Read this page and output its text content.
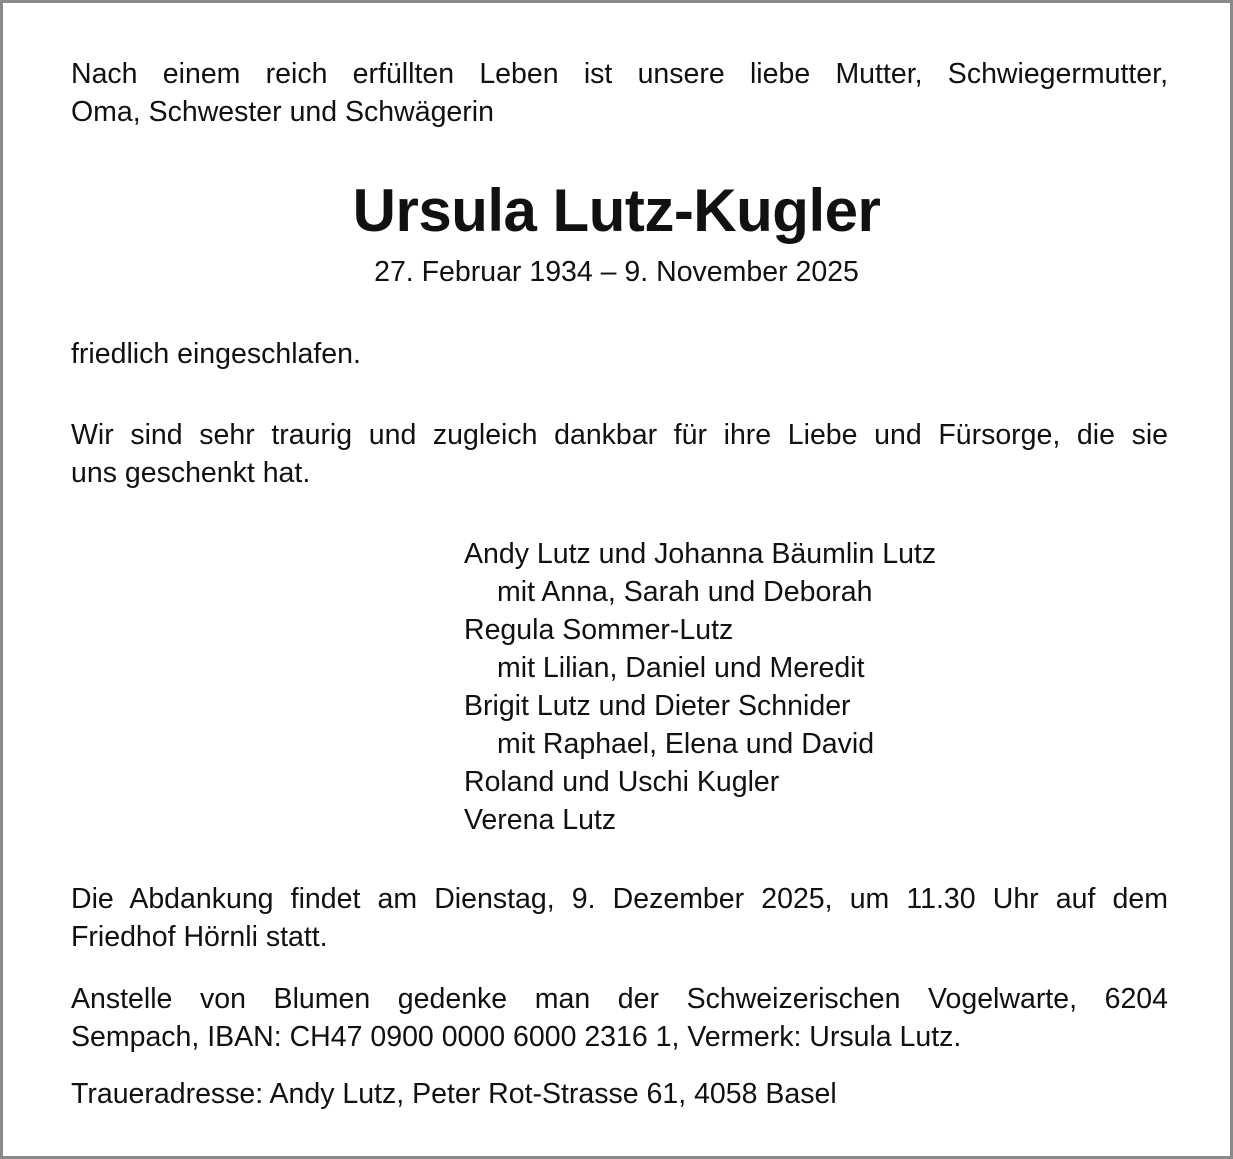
Nach einem reich erfüllten Leben ist unsere liebe Mutter, Schwiegermutter,
Oma, Schwester und Schwägerin

Ursula Lutz-Kugler

27. Februar 1934 – 9. November 2025

friedlich eingeschlafen.

Wir sind sehr traurig und zugleich dankbar für ihre Liebe und Fürsorge, die sie
uns geschenkt hat.

Andy Lutz und Johanna Bäumlin Lutz
mit Anna, Sarah und Deborah
Regula Sommer-Lutz
mit Lilian, Daniel und Meredit
Brigit Lutz und Dieter Schnider
mit Raphael, Elena und David
Roland und Uschi Kugler
Verena Lutz

Die Abdankung findet am Dienstag, 9. Dezember 2025, um 11.30 Uhr auf dem
Friedhof Hörnli statt.

Anstelle von Blumen gedenke man der Schweizerischen Vogelwarte, 6204
Sempach, IBAN: CH47 0900 0000 6000 2316 1, Vermerk: Ursula Lutz.

Traueradresse: Andy Lutz, Peter Rot-Strasse 61, 4058 Basel
